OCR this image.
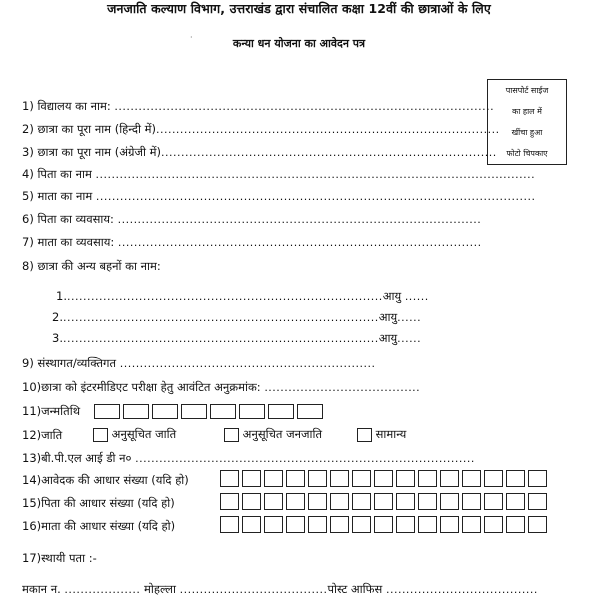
जनजाति कल्याण विभाग, उत्तराखंड द्वारा संचालित कक्षा 12वीं की छात्राओं के लिए
·	कन्या धन योजना का आवेदन पत्र
पासपोर्ट साईज
का हाल में
खींचा हुआ
फोटो चिपकाए
1) विद्यालय का नाम: ...............................................................................................
2) छात्रा का पूरा नाम (हिन्दी में)......................................................................................
3) छात्रा का पूरा नाम (अंग्रेजी में)....................................................................................
4) पिता का नाम ..............................................................................................................
5) माता का नाम ..............................................................................................................
6) पिता का व्यवसाय: ...........................................................................................
7) माता का व्यवसाय: ...........................................................................................
8) छात्रा की अन्य बहनों का नाम:
1................................................................................आयु ......
2................................................................................आयु......
3................................................................................आयु......
9) संस्थागत/व्यक्तिगत ................................................................
10)छात्रा को इंटरमीडिएट परीक्षा हेतु आवंटित अनुक्रमांक: .......................................
11)जन्मतिथि
12)जाति	अनुसूचित जाति	अनुसूचित जनजाति	सामान्य
13)बी.पी.एल आई डी न० .....................................................................................
14)आवेदक की आधार संख्या (यदि हो)
15)पिता की आधार संख्या (यदि हो)
16)माता की आधार संख्या (यदि हो)
17)स्थायी पता :-
मकान न. ................... मोहल्ला .....................................पोस्ट आफिस ......................................
